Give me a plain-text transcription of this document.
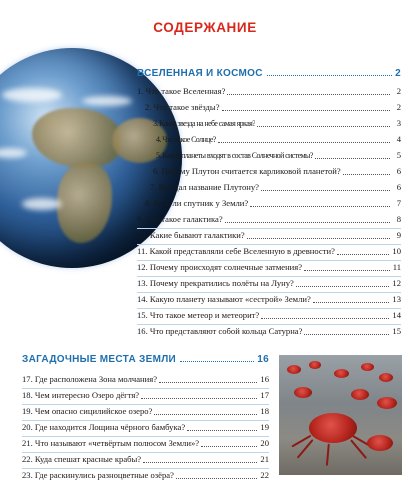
СОДЕРЖАНИЕ
ВСЕЛЕННАЯ И КОСМОС	2
1. Что такое Вселенная?	2
2. Что такое звёзды?	2
3. Какая звезда на небе самая яркая?	3
4. Что такое Солнце?	4
5. Какие планеты входят в состав Солнечной системы?	5
6. Почему Плутон считается карликовой планетой?	6
7. Кто дал название Плутону?	6
8. Есть ли спутник у Земли?	7
9. Что такое галактика?	8
10. Какие бывают галактики?	9
11. Какой представляли себе Вселенную в древности?	10
12. Почему происходят солнечные затмения?	11
13. Почему прекратились полёты на Луну?	12
14. Какую планету называют «сестрой» Земли?	13
15. Что такое метеор и метеорит?	14
16. Что представляют собой кольца Сатурна?	15
ЗАГАДОЧНЫЕ МЕСТА ЗЕМЛИ	16
17. Где расположена Зона молчания?	16
18. Чем интересно Озеро дёгтя?	17
19. Чем опасно сицилийское озеро?	18
20. Где находится Лощина чёрного бамбука?	19
21. Что называют «четвёртым полюсом Земли»?	20
22. Куда спешат красные крабы?	21
23. Где раскинулись разноцветные озёра?	22
